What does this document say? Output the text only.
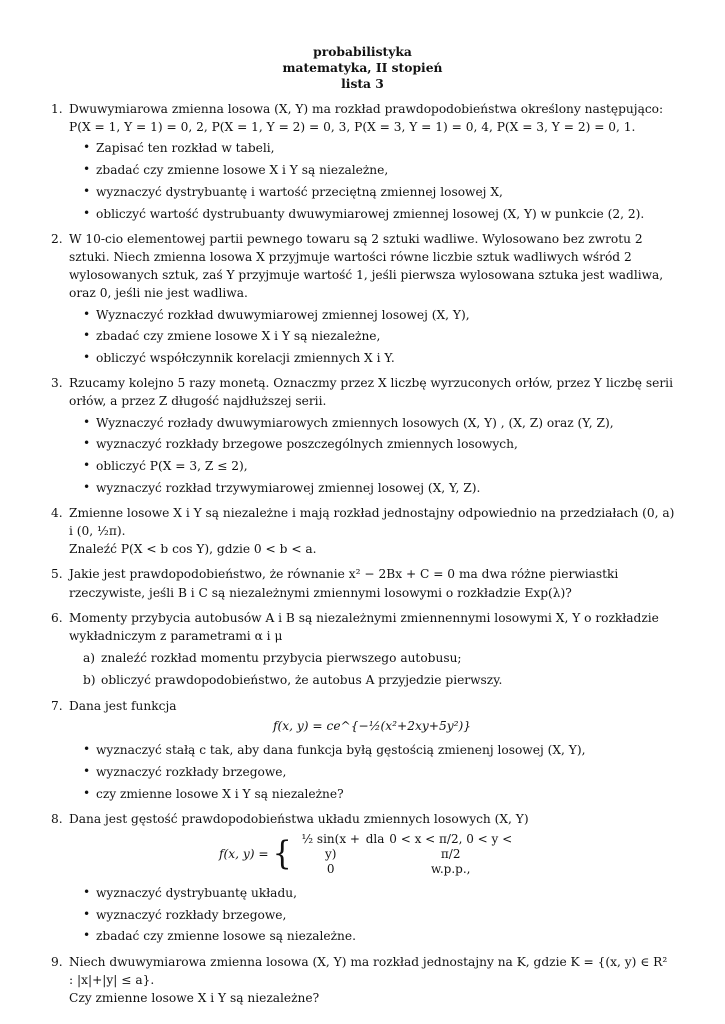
probabilistyka
matematyka, II stopień
lista 3
1. Dwuwymiarowa zmienna losowa (X, Y) ma rozkład prawdopodobieństwa określony następująco:

P(X = 1, Y = 1) = 0, 2, P(X = 1, Y = 2) = 0, 3, P(X = 3, Y = 1) = 0, 4, P(X = 3, Y = 2) = 0, 1.

• Zapisać ten rozkład w tabeli,
• zbadać czy zmienne losowe X i Y są niezależne,
• wyznaczyć dystrybuantę i wartość przeciętną zmiennej losowej X,
• obliczyć wartość dystrubuanty dwuwymiarowej zmiennej losowej (X, Y) w punkcie (2, 2).
2. W 10-cio elementowej partii pewnego towaru są 2 sztuki wadliwe. Wylosowano bez zwrotu 2 sztuki. Niech zmienna losowa X przyjmuje wartości równe liczbie sztuk wadliwych wśród 2 wylosowanych sztuk, zaś Y przyjmuje wartość 1, jeśli pierwsza wylosowana sztuka jest wadliwa, oraz 0, jeśli nie jest wadliwa.

• Wyznaczyć rozkład dwuwymiarowej zmiennej losowej (X, Y),
• zbadać czy zmiene losowe X i Y są niezależne,
• obliczyć współczynnik korelacji zmiennych X i Y.
3. Rzucamy kolejno 5 razy monetą. Oznaczmy przez X liczbę wyrzuconych orłów, przez Y liczbę serii orłów, a przez Z długość najdłuższej serii.

• Wyznaczyć rozłady dwuwymiarowych zmiennych losowych (X, Y) , (X, Z) oraz (Y, Z),
• wyznaczyć rozkłady brzegowe poszczególnych zmiennych losowych,
• obliczyć P(X = 3, Z ≤ 2),
• wyznaczyć rozkład trzywymiarowej zmiennej losowej (X, Y, Z).
4. Zmienne losowe X i Y są niezależne i mają rozkład jednostajny odpowiednio na przedziałach (0, a) i (0, ½π).

Znaleźć P(X < b cos Y), gdzie 0 < b < a.

5. Jakie jest prawdopodobieństwo, że równanie x² − 2Bx + C = 0 ma dwa różne pierwiastki rzeczywiste, jeśli B i C są niezależnymi zmiennymi losowymi o rozkładzie Exp(λ)?

6. Momenty przybycia autobusów A i B są niezależnymi zmiennennymi losowymi X, Y o rozkładzie wykładniczym z parametrami α i μ

a) znaleźć rozkład momentu przybycia pierwszego autobusu;
b) obliczyć prawdopodobieństwo, że autobus A przyjedzie pierwszy.
7. Dana jest funkcja

f(x, y) = ce^{−½(x²+2xy+5y²)}
• wyznaczyć stałą c tak, aby dana funkcja byłą gęstością zmienenj losowej (X, Y),
• wyznaczyć rozkłady brzegowe,
• czy zmienne losowe X i Y są niezależne?
8. Dana jest gęstość prawdopodobieństwa układu zmiennych losowych (X, Y)

f(x, y) = { ½ sin(x + y)
dla 0 < x < π/2, 0 < y < π/2
0	w.p.p.,
• wyznaczyć dystrybuantę układu,
• wyznaczyć rozkłady brzegowe,
• zbadać czy zmienne losowe są niezależne.
9. Niech dwuwymiarowa zmienna losowa (X, Y) ma rozkład jednostajny na K, gdzie K = {(x, y) ∈ R² : |x|+|y| ≤ a}.

Czy zmienne losowe X i Y są niezależne?
